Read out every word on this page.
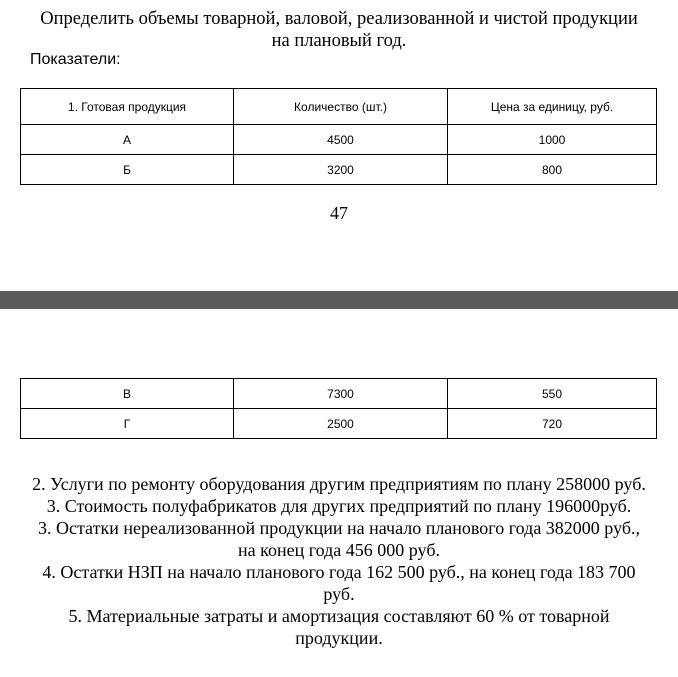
Определить объемы товарной, валовой, реализованной и чистой продукции
на плановый год.
Показатели:
1. Готовая продукция	Количество (шт.)	Цена за единицу, руб.
А	4500	1000
Б	3200	800
47
В	7300	550
Г	2500	720

2. Услуги по ремонту оборудования другим предприятиям по плану 258000 руб.

3. Стоимость полуфабрикатов для других предприятий по плану 196000руб.

3. Остатки нереализованной продукции на начало планового года 382000 руб., на конец года 456 000 руб.

4. Остатки НЗП на начало планового года 162 500 руб., на конец года 183 700 руб.

5. Материальные затраты и амортизация составляют 60 % от товарной продукции.
